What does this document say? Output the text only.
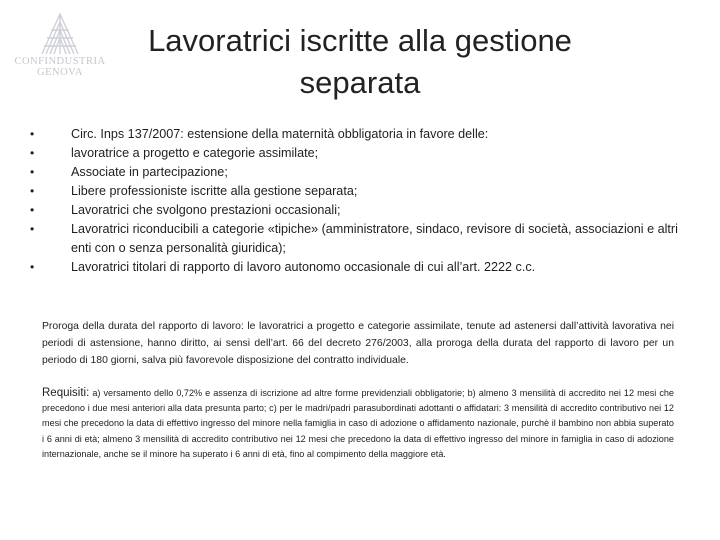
CONFINDUSTRIA
GENOVA
Lavoratrici iscritte alla gestione
separata
•	Circ. Inps 137/2007: estensione della maternità obbligatoria in favore delle:
•	lavoratrice a progetto e categorie assimilate;
•	Associate in partecipazione;
•	Libere professioniste iscritte alla gestione separata;
•	Lavoratrici che svolgono prestazioni occasionali;
•	Lavoratrici riconducibili a categorie «tipiche» (amministratore, sindaco, revisore di società, associazioni e altri enti con o senza personalità giuridica);
•	Lavoratrici titolari di rapporto di lavoro autonomo occasionale di cui all’art. 2222 c.c.

Proroga della durata del rapporto di lavoro: le lavoratrici a progetto e categorie assimilate, tenute ad astenersi dall’attività lavorativa nei periodi di astensione, hanno diritto, ai sensi dell’art. 66 del decreto 276/2003, alla proroga della durata del rapporto di lavoro per un periodo di 180 giorni, salva più favorevole disposizione del contratto individuale.

Requisiti: a) versamento dello 0,72% e assenza di iscrizione ad altre forme previdenziali obbligatorie; b) almeno 3 mensilità di accredito nei 12 mesi che precedono i due mesi anteriori alla data presunta parto; c) per le madri/padri parasubordinati adottanti o affidatari: 3 mensilità di accredito contributivo nei 12 mesi che precedono la data di effettivo ingresso del minore nella famiglia in caso di adozione o affidamento nazionale, purchè il bambino non abbia superato i 6 anni di età; almeno 3 mensilità di accredito contributivo nei 12 mesi che precedono la data di effettivo ingresso del minore in famiglia in caso di adozione internazionale, anche se il minore ha superato i 6 anni di età, fino al compimento della maggiore età.
